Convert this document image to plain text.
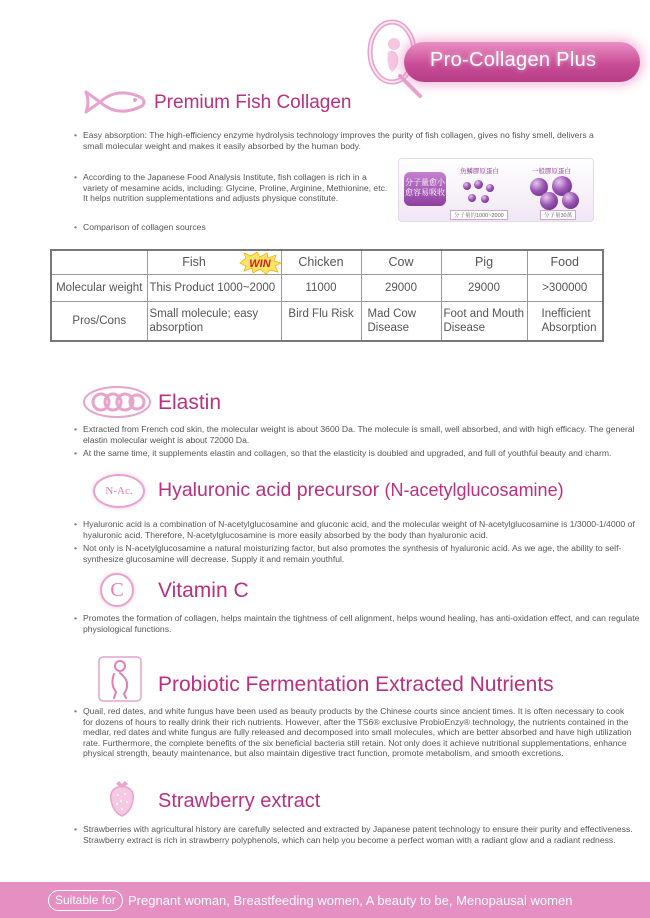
Pro-Collagen Plus
Premium Fish Collagen

• Easy absorption: The high-efficiency enzyme hydrolysis technology improves the purity of fish collagen, gives no fishy smell, delivers a small molecular weight and makes it easily absorbed by the human body.

• According to the Japanese Food Analysis Institute, fish collagen is rich in a variety of mesamine acids, including: Glycine, Proline, Arginine, Methionine, etc. It helps nutrition supplementations and adjusts physique constitute.

• Comparison of collagen sources

分子量愈小 愈容易吸收
魚鱗膠原蛋白	一般膠原蛋白
分子量約1000~2000	分子量30萬
	Fish	Chicken	Cow	Pig	Food
Molecular weight	This Product 1000~2000	11000	29000	29000	>300000
Pros/Cons	Small molecule; easy absorption	Bird Flu Risk	Mad Cow Disease	Foot and Mouth Disease	Inefficient Absorption
WIN
Elastin

• Extracted from French cod skin, the molecular weight is about 3600 Da. The molecule is small, well absorbed, and with high efficacy. The general elastin molecular weight is about 72000 Da.

• At the same time, it supplements elastin and collagen, so that the elasticity is doubled and upgraded, and full of youthful beauty and charm.

N-Ac. Hyaluronic acid precursor (N-acetylglucosamine)

• Hyaluronic acid is a combination of N-acetylglucosamine and gluconic acid, and the molecular weight of N-acetylglucosamine is 1/3000-1/4000 of hyaluronic acid. Therefore, N-acetylglucosamine is more easily absorbed by the body than hyaluronic acid.

• Not only is N-acetylglucosamine a natural moisturizing factor, but also promotes the synthesis of hyaluronic acid. As we age, the ability to self-synthesize glucosamine will decrease. Supply it and remain youthful.

C Vitamin C

• Promotes the formation of collagen, helps maintain the tightness of cell alignment, helps wound healing, has anti-oxidation effect, and can regulate physiological functions.

Probiotic Fermentation Extracted Nutrients

• Quail, red dates, and white fungus have been used as beauty products by the Chinese courts since ancient times. It is often necessary to cook for dozens of hours to really drink their rich nutrients. However, after the TS6® exclusive ProbioEnzy® technology, the nutrients contained in the medlar, red dates and white fungus are fully released and decomposed into small molecules, which are better absorbed and have high utilization rate. Furthermore, the complete benefits of the six beneficial bacteria still retain. Not only does it achieve nutritional supplementations, enhance physical strength, beauty maintenance, but also maintain digestive tract function, promote metabolism, and smooth excretions.

Strawberry extract

• Strawberries with agricultural history are carefully selected and extracted by Japanese patent technology to ensure their purity and effectiveness. Strawberry extract is rich in strawberry polyphenols, which can help you become a perfect woman with a radiant glow and a radiant redness.

Suitable for Pregnant woman, Breastfeeding women, A beauty to be, Menopausal women
